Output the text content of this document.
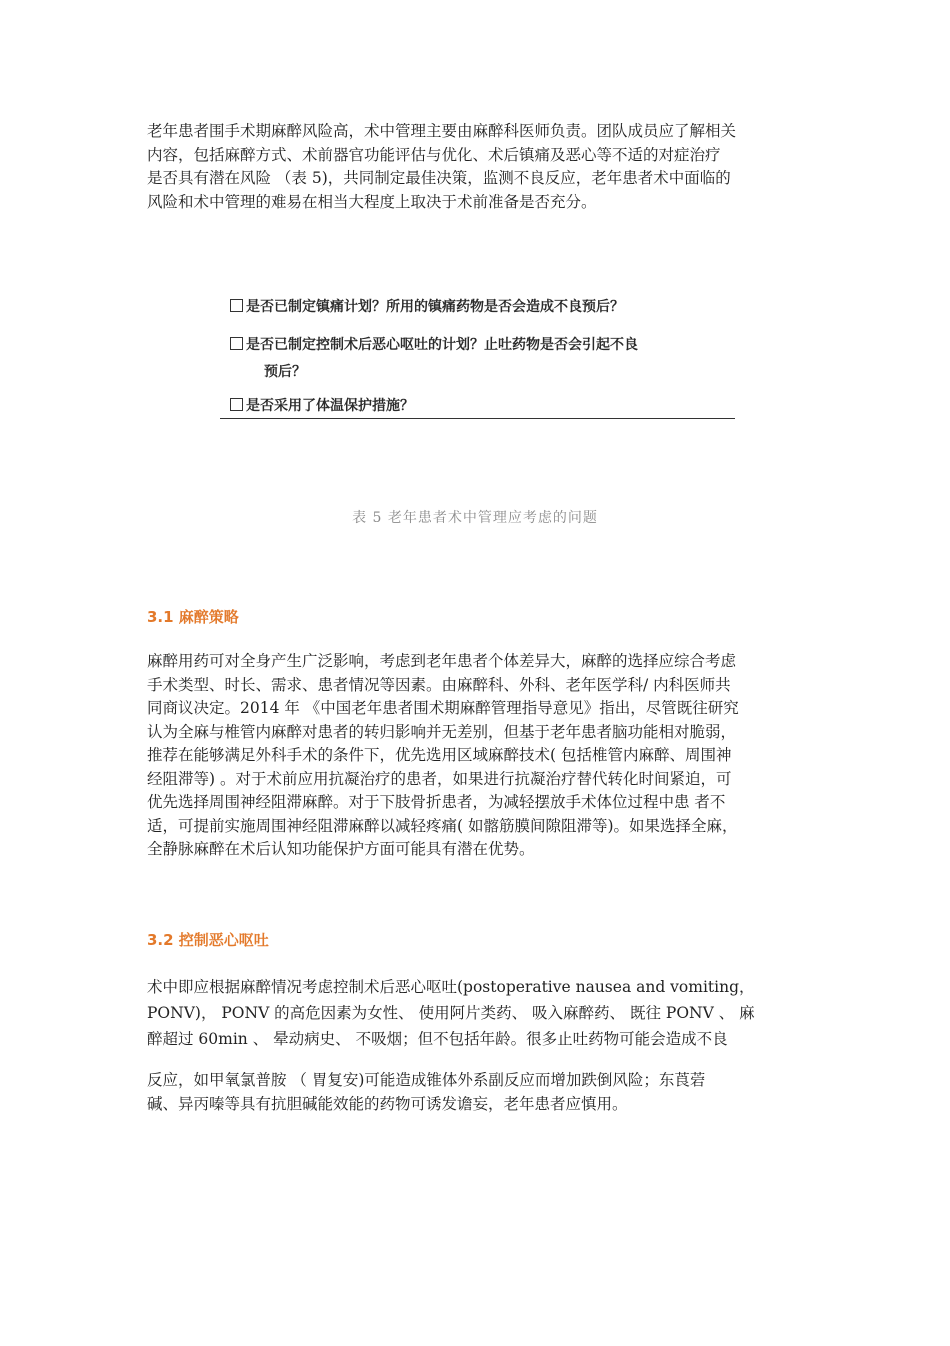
老年患者围手术期麻醉风险高，术中管理主要由麻醉科医师负责。团队成员应了解相关
内容，包括麻醉方式、术前器官功能评估与优化、术后镇痛及恶心等不适的对症治疗
是否具有潜在风险 （表 5)，共同制定最佳决策，监测不良反应，老年患者术中面临的
风险和术中管理的难易在相当大程度上取决于术前准备是否充分。
是否已制定镇痛计划？所用的镇痛药物是否会造成不良预后？
是否已制定控制术后恶心呕吐的计划？止吐药物是否会引起不良
预后？
是否采用了体温保护措施？
表 5 老年患者术中管理应考虑的问题
3.1 麻醉策略
麻醉用药可对全身产生广泛影响，考虑到老年患者个体差异大，麻醉的选择应综合考虑
手术类型、时长、需求、患者情况等因素。由麻醉科、外科、老年医学科/ 内科医师共
同商议决定。2014 年 《中国老年患者围术期麻醉管理指导意见》指出，尽管既往研究
认为全麻与椎管内麻醉对患者的转归影响并无差别，但基于老年患者脑功能相对脆弱，
推荐在能够满足外科手术的条件下，优先选用区域麻醉技术( 包括椎管内麻醉、周围神
经阻滞等) 。对于术前应用抗凝治疗的患者，如果进行抗凝治疗替代转化时间紧迫，可
优先选择周围神经阻滞麻醉。对于下肢骨折患者，为减轻摆放手术体位过程中患 者不
适，可提前实施周围神经阻滞麻醉以减轻疼痛( 如髂筋膜间隙阻滞等)。如果选择全麻，
全静脉麻醉在术后认知功能保护方面可能具有潜在优势。
3.2 控制恶心呕吐
术中即应根据麻醉情况考虑控制术后恶心呕吐(postoperative nausea and vomiting，
PONV)， PONV 的高危因素为女性、 使用阿片类药、 吸入麻醉药、 既往 PONV 、 麻
醉超过 60min 、 晕动病史、 不吸烟；但不包括年龄。很多止吐药物可能会造成不良
反应，如甲氧氯普胺 （ 胃复安)可能造成锥体外系副反应而增加跌倒风险；东莨菪
碱、异丙嗪等具有抗胆碱能效能的药物可诱发谵妄，老年患者应慎用。
